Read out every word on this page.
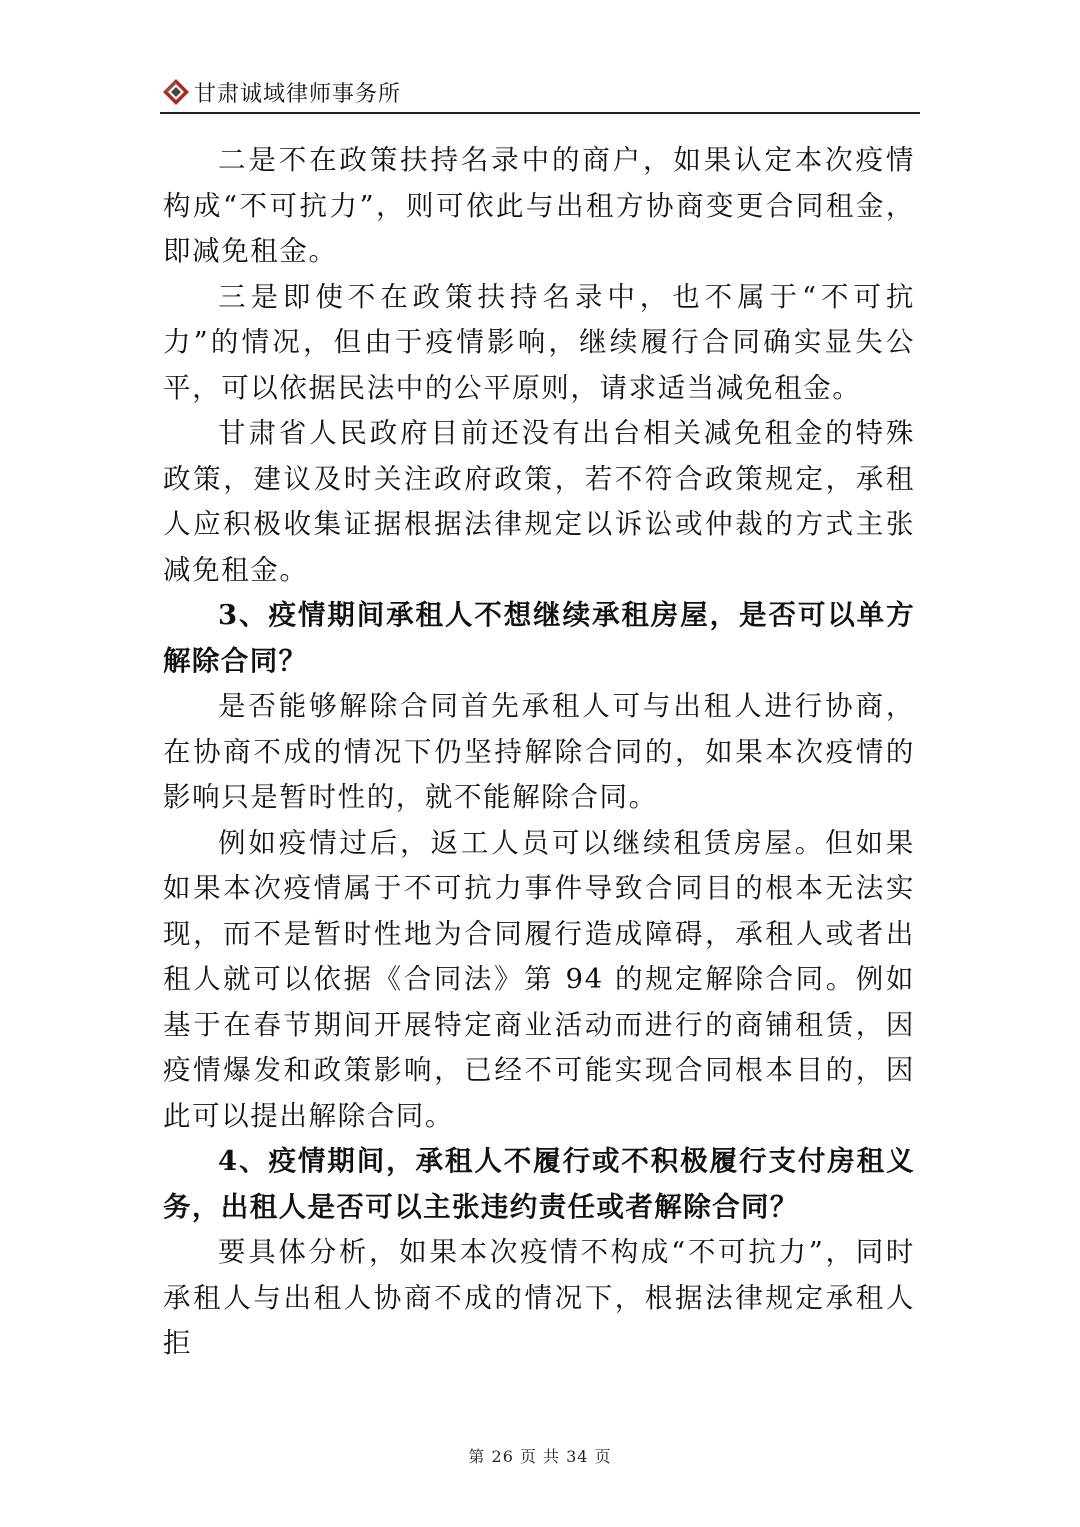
甘肃诚域律师事务所

二是不在政策扶持名录中的商户，如果认定本次疫情构成“不可抗力”，则可依此与出租方协商变更合同租金，即减免租金。

三是即使不在政策扶持名录中，也不属于“不可抗力”的情况，但由于疫情影响，继续履行合同确实显失公平，可以依据民法中的公平原则，请求适当减免租金。

甘肃省人民政府目前还没有出台相关减免租金的特殊政策，建议及时关注政府政策，若不符合政策规定，承租人应积极收集证据根据法律规定以诉讼或仲裁的方式主张减免租金。

3、疫情期间承租人不想继续承租房屋，是否可以单方解除合同？

是否能够解除合同首先承租人可与出租人进行协商，在协商不成的情况下仍坚持解除合同的，如果本次疫情的影响只是暂时性的，就不能解除合同。

例如疫情过后，返工人员可以继续租赁房屋。但如果如果本次疫情属于不可抗力事件导致合同目的根本无法实现，而不是暂时性地为合同履行造成障碍，承租人或者出租人就可以依据《合同法》第 94 的规定解除合同。例如基于在春节期间开展特定商业活动而进行的商铺租赁，因疫情爆发和政策影响，已经不可能实现合同根本目的，因此可以提出解除合同。

4、疫情期间，承租人不履行或不积极履行支付房租义务，出租人是否可以主张违约责任或者解除合同？

要具体分析，如果本次疫情不构成“不可抗力”，同时承租人与出租人协商不成的情况下，根据法律规定承租人拒

第 26 页 共 34 页
